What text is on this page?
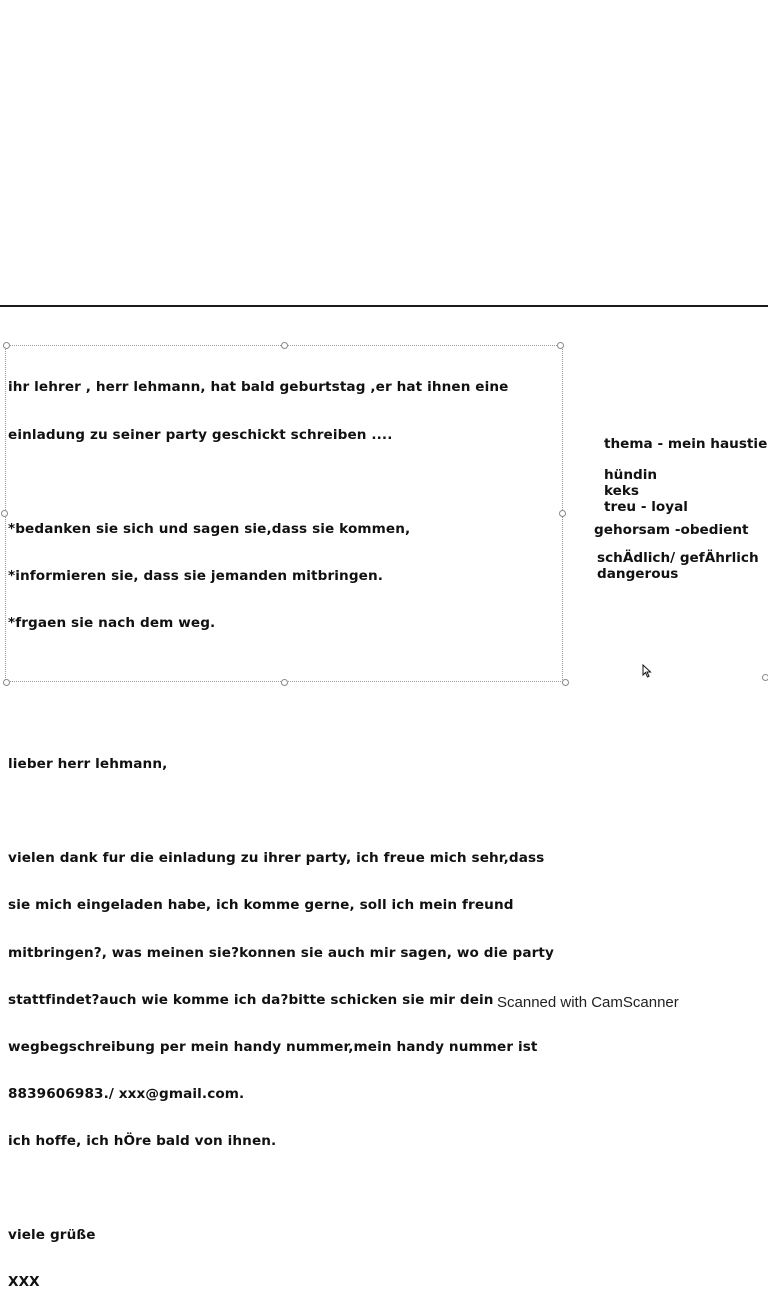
ihr lehrer , herr lehmann, hat bald geburtstag ,er hat ihnen eine

einladung zu seiner party geschickt schreiben ....

*bedanken sie sich und sagen sie,dass sie kommen,

*informieren sie, dass sie jemanden mitbringen.

*frgaen sie nach dem weg.

lieber herr lehmann,

vielen dank fur die einladung zu ihrer party, ich freue mich sehr,dass

sie mich eingeladen habe, ich komme gerne, soll ich mein freund

mitbringen?, was meinen sie?konnen sie auch mir sagen, wo die party

stattfindet?auch wie komme ich da?bitte schicken sie mir dein

wegbegschreibung per mein handy nummer,mein handy nummer ist

8839606983./ xxx@gmail.com.

ich hoffe, ich hÖre bald von ihnen.

viele grüße

XXX

thema - mein haustie
hündin
keks
treu - loyal
gehorsam -obedient
schÄdlich/ gefÄhrlich
dangerous
Scanned with CamScanner
